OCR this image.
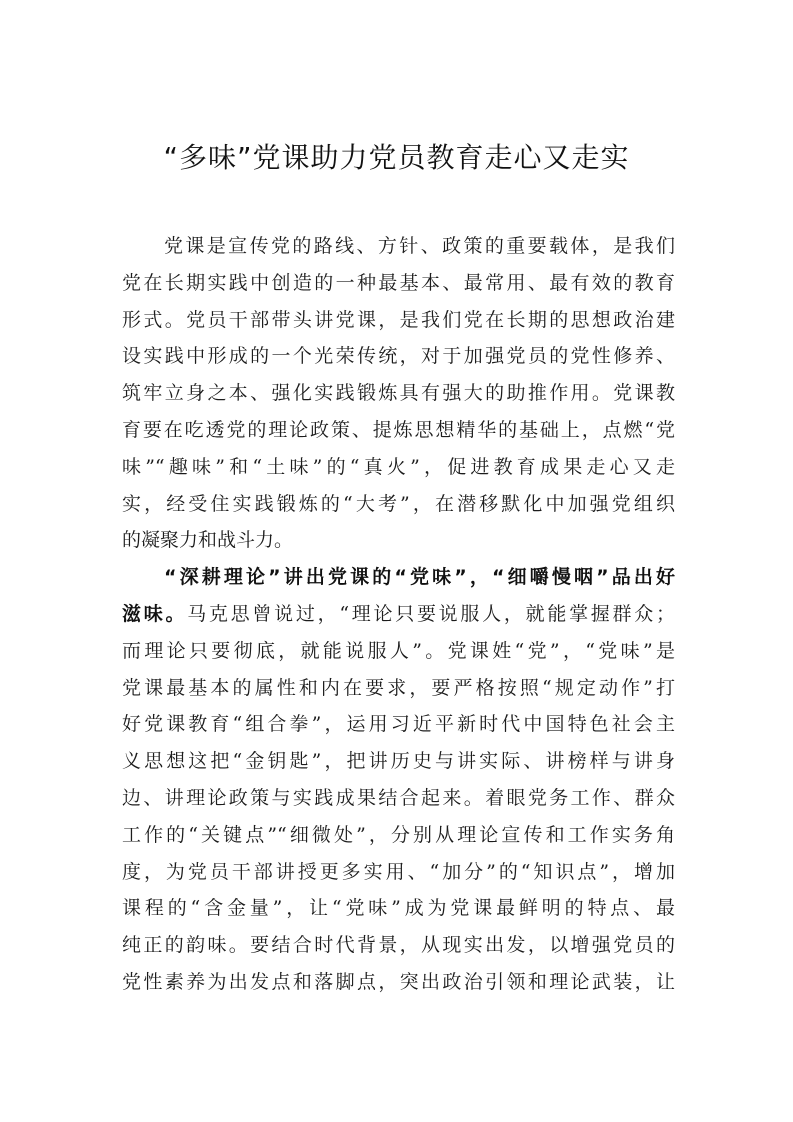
“多味”党课助力党员教育走心又走实
党课是宣传党的路线、方针、政策的重要载体，是我们
党在长期实践中创造的一种最基本、最常用、最有效的教育
形式。党员干部带头讲党课，是我们党在长期的思想政治建
设实践中形成的一个光荣传统，对于加强党员的党性修养、
筑牢立身之本、强化实践锻炼具有强大的助推作用。党课教
育要在吃透党的理论政策、提炼思想精华的基础上，点燃“党
味”“趣味”和“土味”的“真火”，促进教育成果走心又走
实，经受住实践锻炼的“大考”，在潜移默化中加强党组织
的凝聚力和战斗力。
“深耕理论”讲出党课的“党味”，“细嚼慢咽”品出好
滋味。马克思曾说过，“理论只要说服人，就能掌握群众；
而理论只要彻底，就能说服人”。党课姓“党”，“党味”是
党课最基本的属性和内在要求，要严格按照“规定动作”打
好党课教育“组合拳”，运用习近平新时代中国特色社会主
义思想这把“金钥匙”，把讲历史与讲实际、讲榜样与讲身
边、讲理论政策与实践成果结合起来。着眼党务工作、群众
工作的“关键点”“细微处”，分别从理论宣传和工作实务角
度，为党员干部讲授更多实用、“加分”的“知识点”，增加
课程的“含金量”，让“党味”成为党课最鲜明的特点、最
纯正的韵味。要结合时代背景，从现实出发，以增强党员的
党性素养为出发点和落脚点，突出政治引领和理论武装，让
